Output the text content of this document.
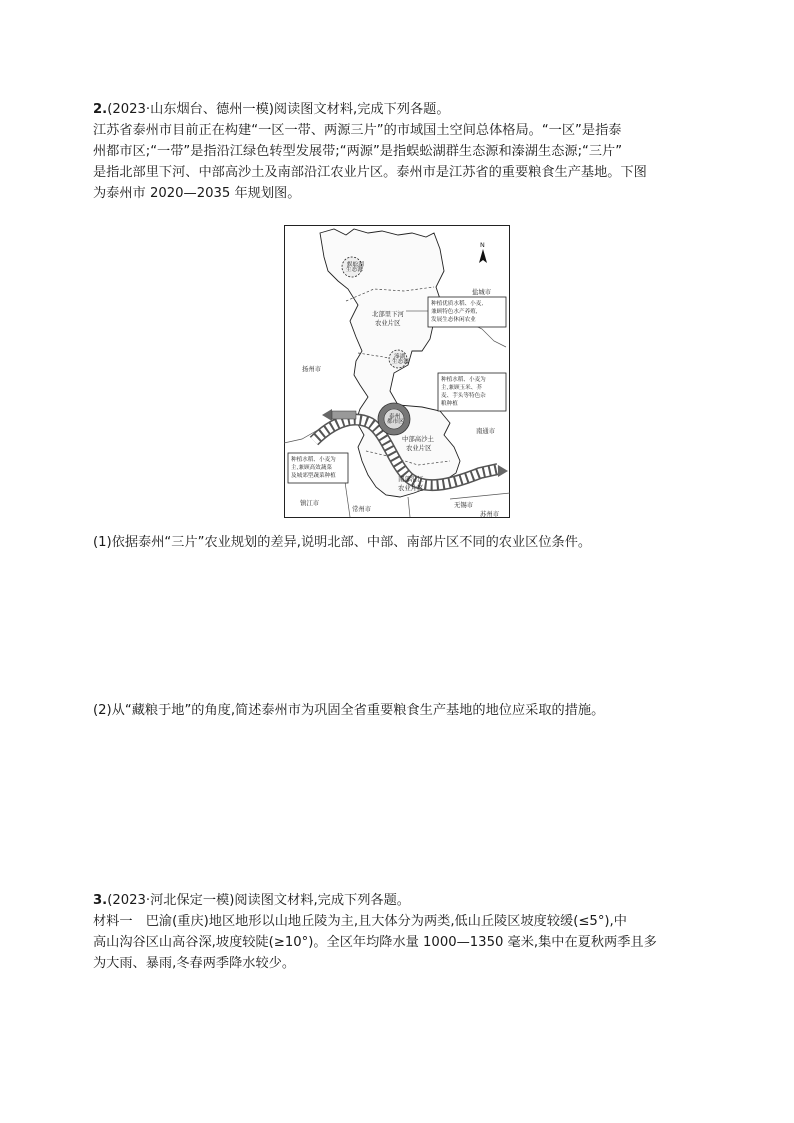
2.(2023·山东烟台、德州一模)阅读图文材料,完成下列各题。
江苏省泰州市目前正在构建“一区一带、两源三片”的市域国土空间总体格局。“一区”是指泰
州都市区;“一带”是指沿江绿色转型发展带;“两源”是指蜈蚣湖群生态源和溱湖生态源;“三片”
是指北部里下河、中部高沙土及南部沿江农业片区。泰州市是江苏省的重要粮食生产基地。下图
为泰州市 2020—2035 年规划图。
N
盐城市
扬州市
南通市
镇江市
常州市	无锡市
苏州市
北部里下河
农业片区
中部高沙土
农业片区
南部沿江
农业片区
蜈蚣湖
生态源
溱湖
生态源
泰州
都市区
种植优质水稻、小麦,
兼顾特色水产养殖,
发展生态休闲农业
种植水稻、小麦为
主,兼顾玉米、芥
麦、芋头等特色杂
粮种植
种植水稻、小麦为
主,兼顾高效蔬菜
及城郊型蔬菜种植
(1)依据泰州“三片”农业规划的差异,说明北部、中部、南部片区不同的农业区位条件。
(2)从“藏粮于地”的角度,简述泰州市为巩固全省重要粮食生产基地的地位应采取的措施。
3.(2023·河北保定一模)阅读图文材料,完成下列各题。
材料一　巴渝(重庆)地区地形以山地丘陵为主,且大体分为两类,低山丘陵区坡度较缓(≤5°),中
高山沟谷区山高谷深,坡度较陡(≥10°)。全区年均降水量 1000—1350 毫米,集中在夏秋两季且多
为大雨、暴雨,冬春两季降水较少。
